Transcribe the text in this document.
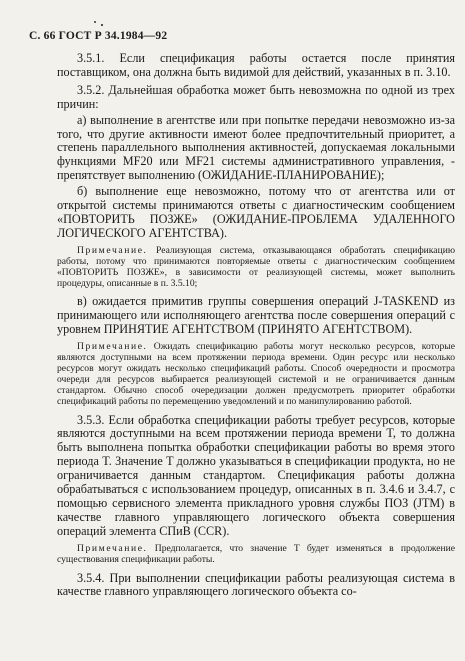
С. 66 ГОСТ Р 34.1984—92

3.5.1. Если спецификация работы остается после принятия поставщиком, она должна быть видимой для действий, указанных в п. 3.10.

3.5.2. Дальнейшая обработка может быть невозможна по одной из трех причин:

а) выполнение в агентстве или при попытке передачи невозможно из-за того, что другие активности имеют более предпочтительный приоритет, а степень параллельного выполнения активностей, допускаемая локальными функциями MF20 или MF21 системы административного управления, - препятствует выполнению (ОЖИДАНИЕ-ПЛАНИРОВАНИЕ);

б) выполнение еще невозможно, потому что от агентства или от открытой системы принимаются ответы с диагностическим сообщением «ПОВТОРИТЬ ПОЗЖЕ» (ОЖИДАНИЕ-ПРОБЛЕМА УДАЛЕННОГО ЛОГИЧЕСКОГО АГЕНТСТВА).

Примечание. Реализующая система, отказывающаяся обработать спецификацию работы, потому что принимаются повторяемые ответы с диагностическим сообщением «ПОВТОРИТЬ ПОЗЖЕ», в зависимости от реализующей системы, может выполнить процедуры, описанные в п. 3.5.10;

в) ожидается примитив группы совершения операций J-TASKEND из принимающего или исполняющего агентства после совершения операций с уровнем ПРИНЯТИЕ АГЕНТСТВОМ (ПРИНЯТО АГЕНТСТВОМ).

Примечание. Ожидать спецификацию работы могут несколько ресурсов, которые являются доступными на всем протяжении периода времени. Один ресурс или несколько ресурсов могут ожидать несколько спецификаций работы. Способ очередности и просмотра очереди для ресурсов выбирается реализующей системой и не ограничивается данным стандартом. Обычно способ очередизации должен предусмотреть приоритет обработки спецификаций работы по перемещению уведомлений и по манипулированию работой.

3.5.3. Если обработка спецификации работы требует ресурсов, которые являются доступными на всем протяжении периода времени T, то должна быть выполнена попытка обработки спецификации работы во время этого периода T. Значение T должно указываться в спецификации продукта, но не ограничивается данным стандартом. Спецификация работы должна обрабатываться с использованием процедур, описанных в п. 3.4.6 и 3.4.7, с помощью сервисного элемента прикладного уровня службы ПОЗ (JTM) в качестве главного управляющего логического объекта совершения операций элемента СПиВ (CCR).

Примечание. Предполагается, что значение T будет изменяться в продолжение существования спецификации работы.

3.5.4. При выполнении спецификации работы реализующая система в качестве главного управляющего логического объекта со-
